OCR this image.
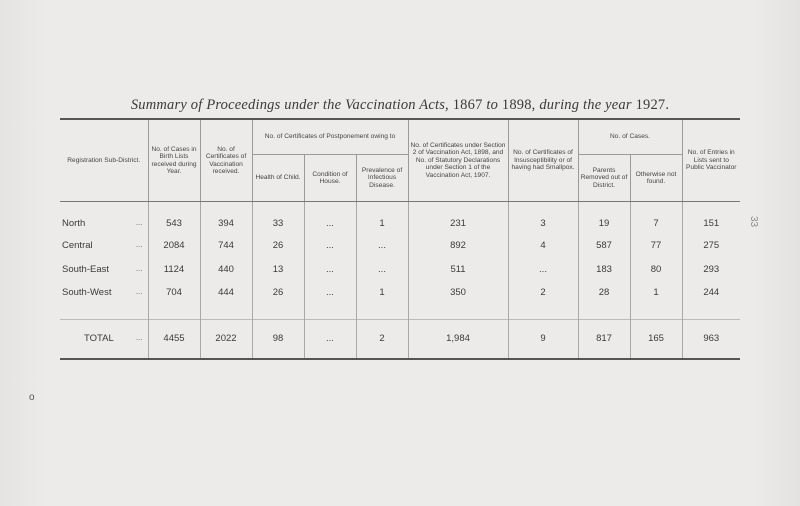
Summary of Proceedings under the Vaccination Acts, 1867 to 1898, during the year 1927.
33
o
Registration Sub-District.	No. of Cases in Birth Lists received during Year.	No. of Certificates of Vaccination received.	No. of Certificates of Postponement owing to			No. of Certificates under Section 2 of Vaccination Act, 1898, and No. of Statutory Declarations under Section 1 of the Vaccination Act, 1907.	No. of Certificates of Insusceptibility or of having had Smallpox.	No. of Cases.		No. of Entries in Lists sent to Public Vaccinator
			Health of Child.	Condition of House.	Prevalence of Infectious Disease.			Parents Removed out of District.	Otherwise not found.	
North ...	543	394	33	...	1	231	3	19	7	151
Central ...	2084	744	26	...	...	892	4	587	77	275
South-East ...	1124	440	13	...	...	511	...	183	80	293
South-West ...	704	444	26	...	1	350	2	28	1	244

TOTAL ...	4455	2022	98	...	2	1,984	9	817	165	963
